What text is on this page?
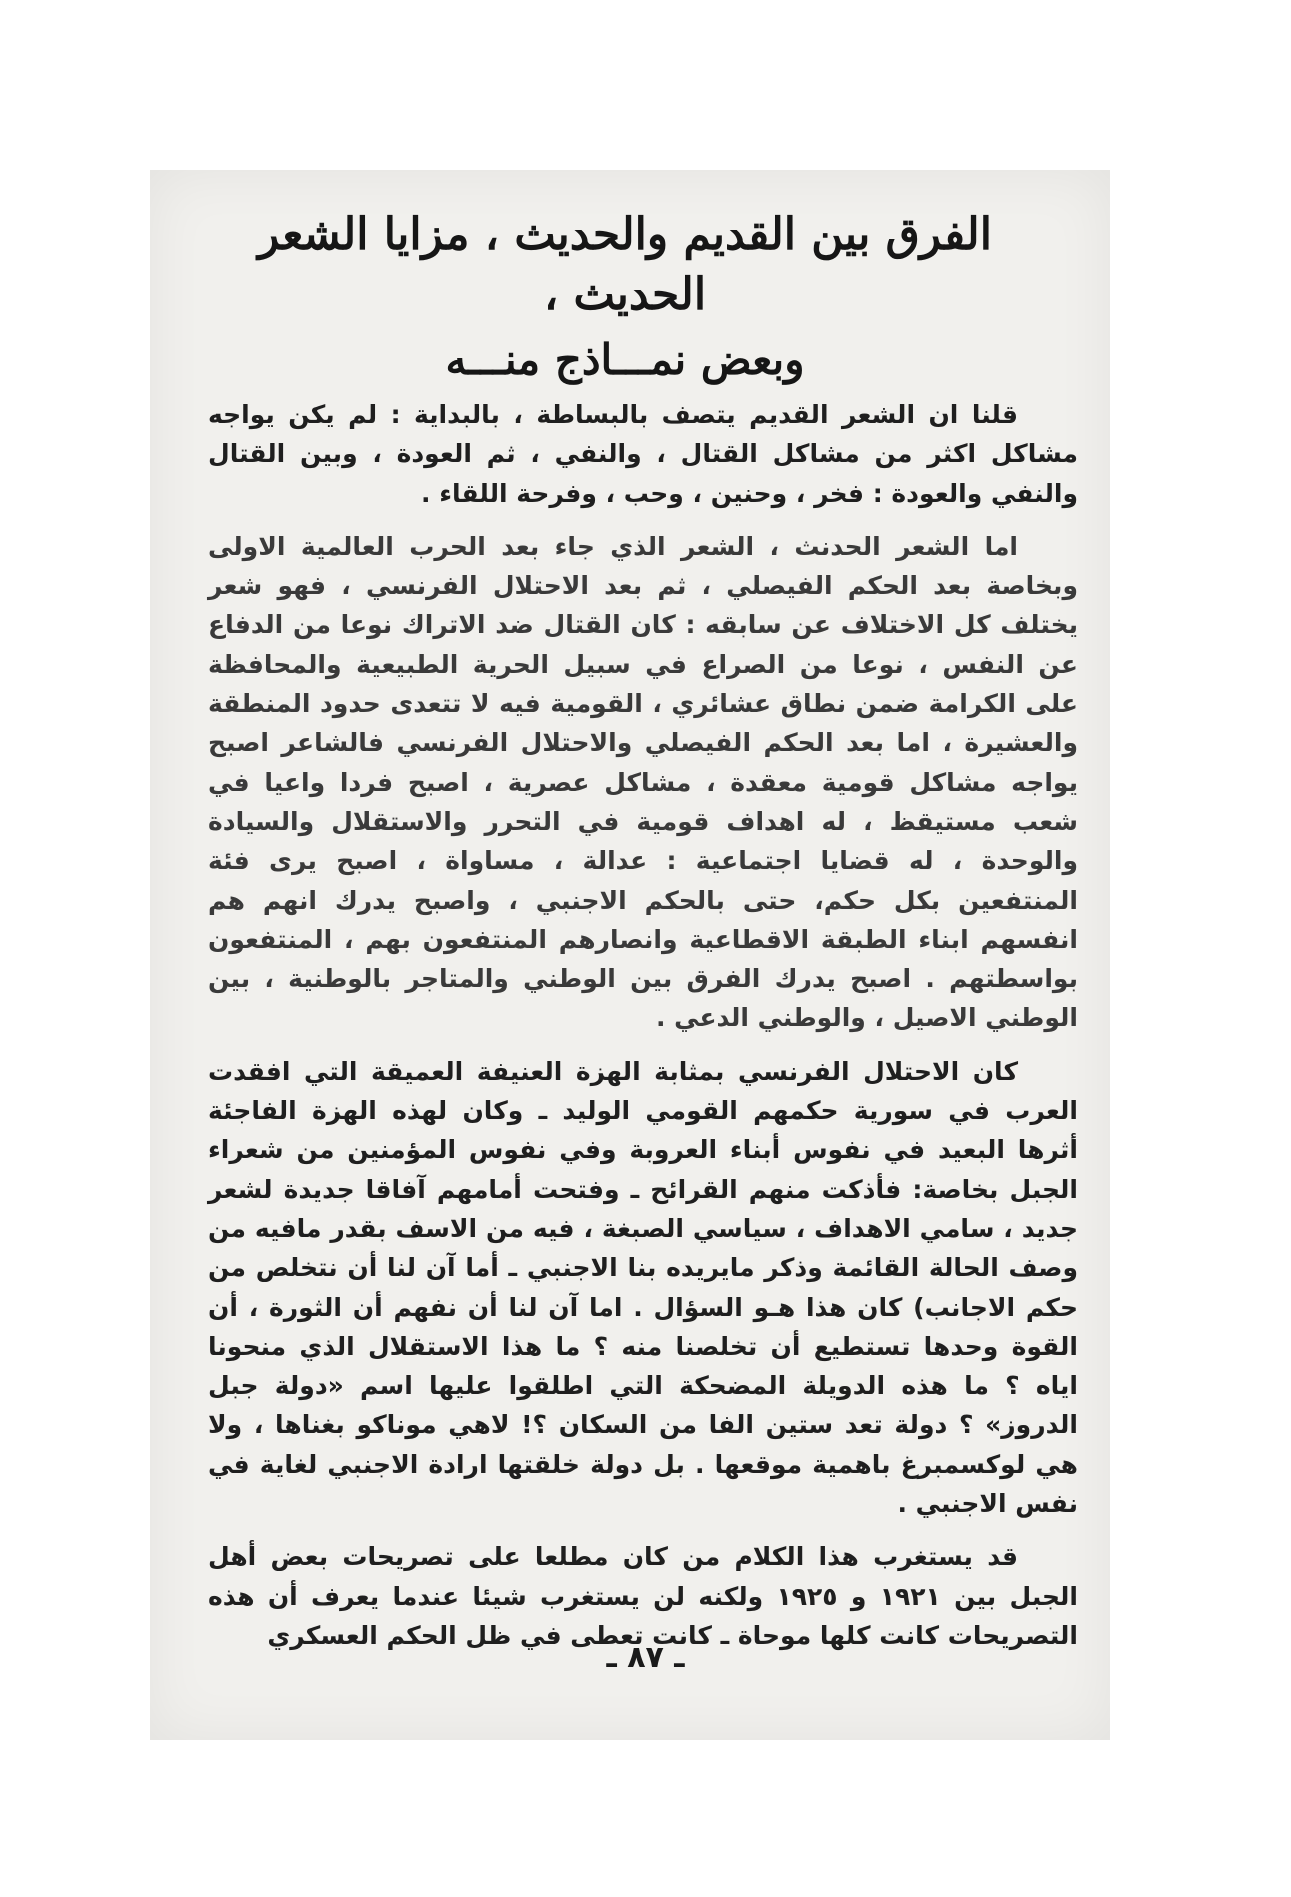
الفرق بين القديم والحديث ، مزايا الشعر الحديث ،

وبعض نمـــاذج منـــه

قلنا ان الشعر القديم يتصف بالبساطة ، بالبداية : لم يكن يواجه مشاكل اكثر من مشاكل القتال ، والنفي ، ثم العودة ، وبين القتال والنفي والعودة : فخر ، وحنين ، وحب ، وفرحة اللقاء .

اما الشعر الحدنث ، الشعر الذي جاء بعد الحرب العالمية الاولى وبخاصة بعد الحكم الفيصلي ، ثم بعد الاحتلال الفرنسي ، فهو شعر يختلف كل الاختلاف عن سابقه : كان القتال ضد الاتراك نوعا من الدفاع عن النفس ، نوعا من الصراع في سبيل الحرية الطبيعية والمحافظة على الكرامة ضمن نطاق عشائري ، القومية فيه لا تتعدى حدود المنطقة والعشيرة ، اما بعد الحكم الفيصلي والاحتلال الفرنسي فالشاعر اصبح يواجه مشاكل قومية معقدة ، مشاكل عصرية ، اصبح فردا واعيا في شعب مستيقظ ، له اهداف قومية في التحرر والاستقلال والسيادة والوحدة ، له قضايا اجتماعية : عدالة ، مساواة ، اصبح يرى فئة المنتفعين بكل حكم، حتى بالحكم الاجنبي ، واصبح يدرك انهم هم انفسهم ابناء الطبقة الاقطاعية وانصارهم المنتفعون بهم ، المنتفعون بواسطتهم . اصبح يدرك الفرق بين الوطني والمتاجر بالوطنية ، بين الوطني الاصيل ، والوطني الدعي .

كان الاحتلال الفرنسي بمثابة الهزة العنيفة العميقة التي افقدت العرب في سورية حكمهم القومي الوليد ـ وكان لهذه الهزة الفاجئة أثرها البعيد في نفوس أبناء العروبة وفي نفوس المؤمنين من شعراء الجبل بخاصة: فأذكت منهم القرائح ـ وفتحت أمامهم آفاقا جديدة لشعر جديد ، سامي الاهداف ، سياسي الصبغة ، فيه من الاسف بقدر مافيه من وصف الحالة القائمة وذكر مايريده بنا الاجنبي ـ أما آن لنا أن نتخلص من حكم الاجانب) كان هذا هـو السؤال . اما آن لنا أن نفهم أن الثورة ، أن القوة وحدها تستطيع أن تخلصنا منه ؟ ما هذا الاستقلال الذي منحونا اياه ؟ ما هذه الدويلة المضحكة التي اطلقوا عليها اسم «دولة جبل الدروز» ؟ دولة تعد ستين الفا من السكان ؟! لاهي موناكو بغناها ، ولا هي لوكسمبرغ باهمية موقعها . بل دولة خلقتها ارادة الاجنبي لغاية في نفس الاجنبي .

قد يستغرب هذا الكلام من كان مطلعا على تصريحات بعض أهل الجبل بين ١٩٢١ و ١٩٢٥ ولكنه لن يستغرب شيئا عندما يعرف أن هذه التصريحات كانت كلها موحاة ـ كانت تعطى في ظل الحكم العسكري

ـ ٨٧ ـ
